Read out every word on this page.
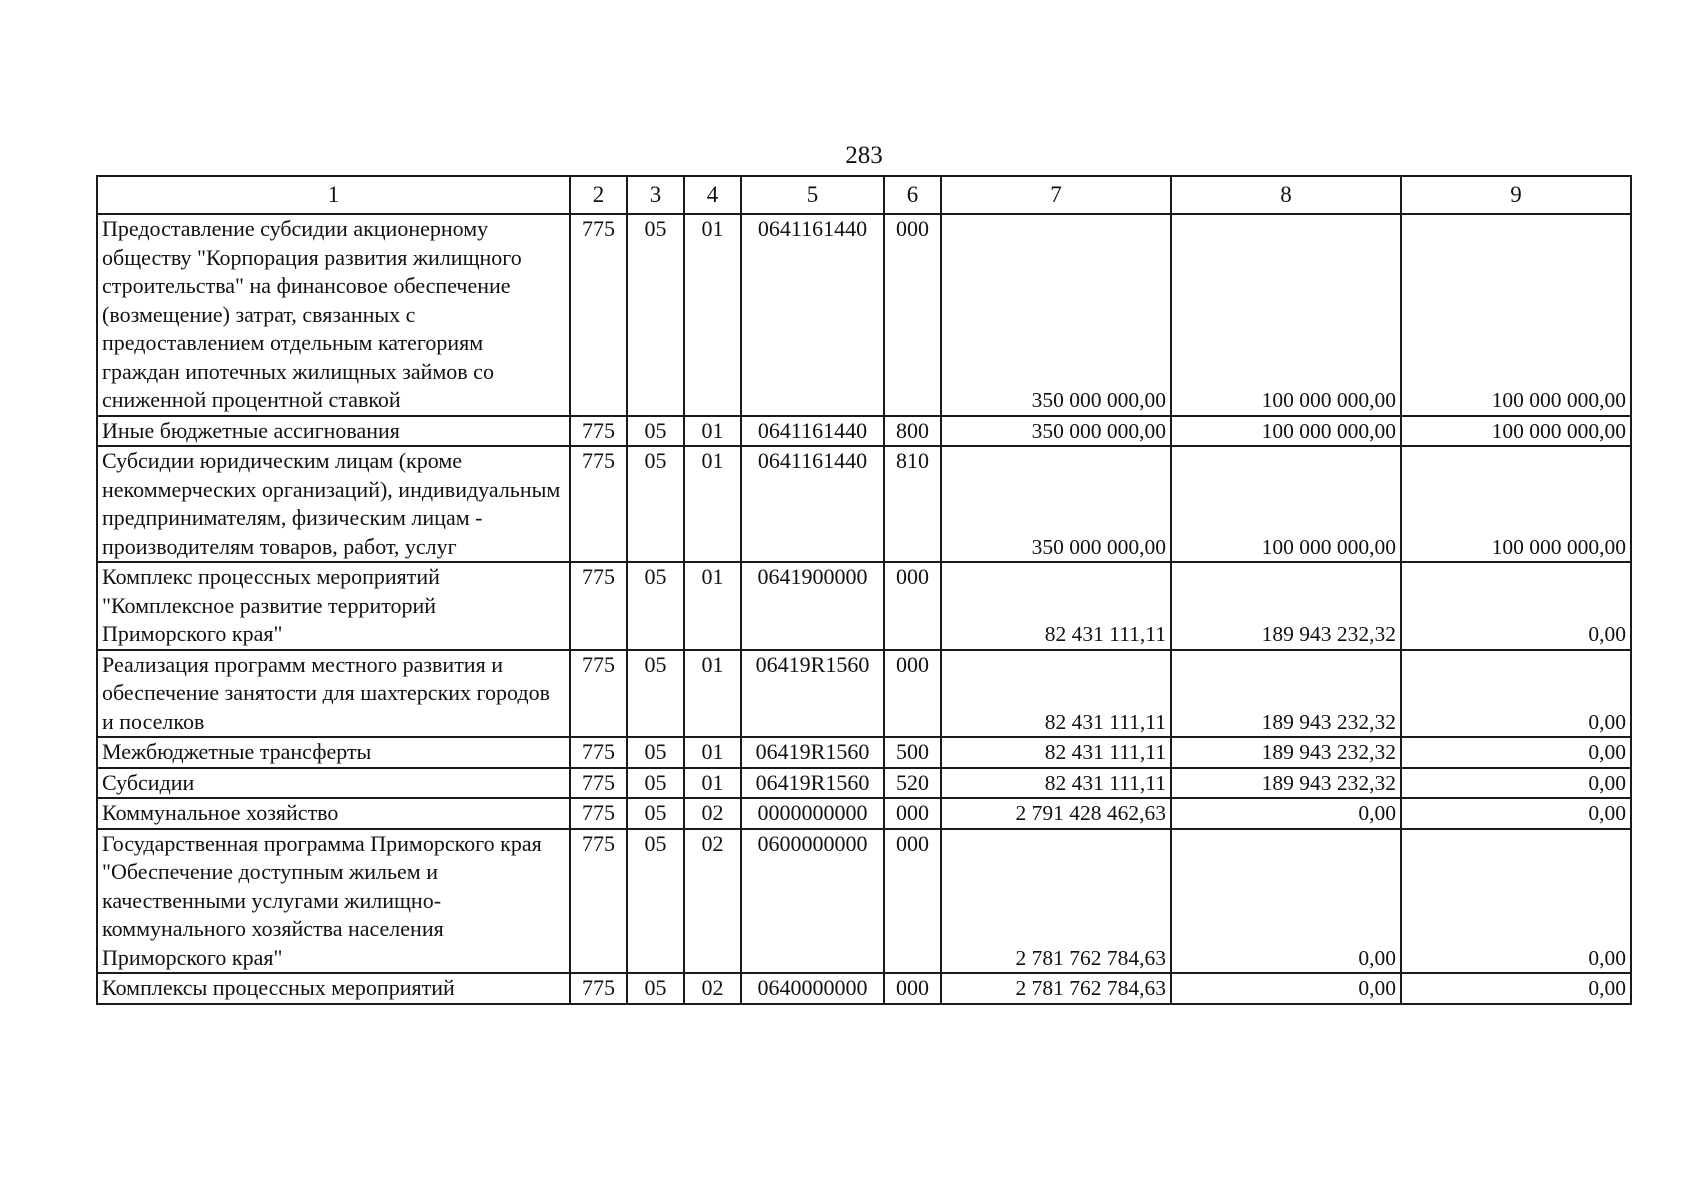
283
1	2	3	4	5	6	7	8	9
Предоставление субсидии акционерному обществу "Корпорация развития жилищного строительства" на финансовое обеспечение (возмещение) затрат, связанных с предоставлением отдельным категориям граждан ипотечных жилищных займов со сниженной процентной ставкой	775	05	01	0641161440	000	350 000 000,00	100 000 000,00	100 000 000,00
Иные бюджетные ассигнования	775	05	01	0641161440	800	350 000 000,00	100 000 000,00	100 000 000,00
Субсидии юридическим лицам (кроме некоммерческих организаций), индивидуальным предпринимателям, физическим лицам - производителям товаров, работ, услуг	775	05	01	0641161440	810	350 000 000,00	100 000 000,00	100 000 000,00
Комплекс процессных мероприятий "Комплексное развитие территорий Приморского края"	775	05	01	0641900000	000	82 431 111,11	189 943 232,32	0,00
Реализация программ местного развития и обеспечение занятости для шахтерских городов и поселков	775	05	01	06419R1560	000	82 431 111,11	189 943 232,32	0,00
Межбюджетные трансферты	775	05	01	06419R1560	500	82 431 111,11	189 943 232,32	0,00
Субсидии	775	05	01	06419R1560	520	82 431 111,11	189 943 232,32	0,00
Коммунальное хозяйство	775	05	02	0000000000	000	2 791 428 462,63	0,00	0,00
Государственная программа Приморского края "Обеспечение доступным жильем и качественными услугами жилищно-коммунального хозяйства населения Приморского края"	775	05	02	0600000000	000	2 781 762 784,63	0,00	0,00
Комплексы процессных мероприятий	775	05	02	0640000000	000	2 781 762 784,63	0,00	0,00
